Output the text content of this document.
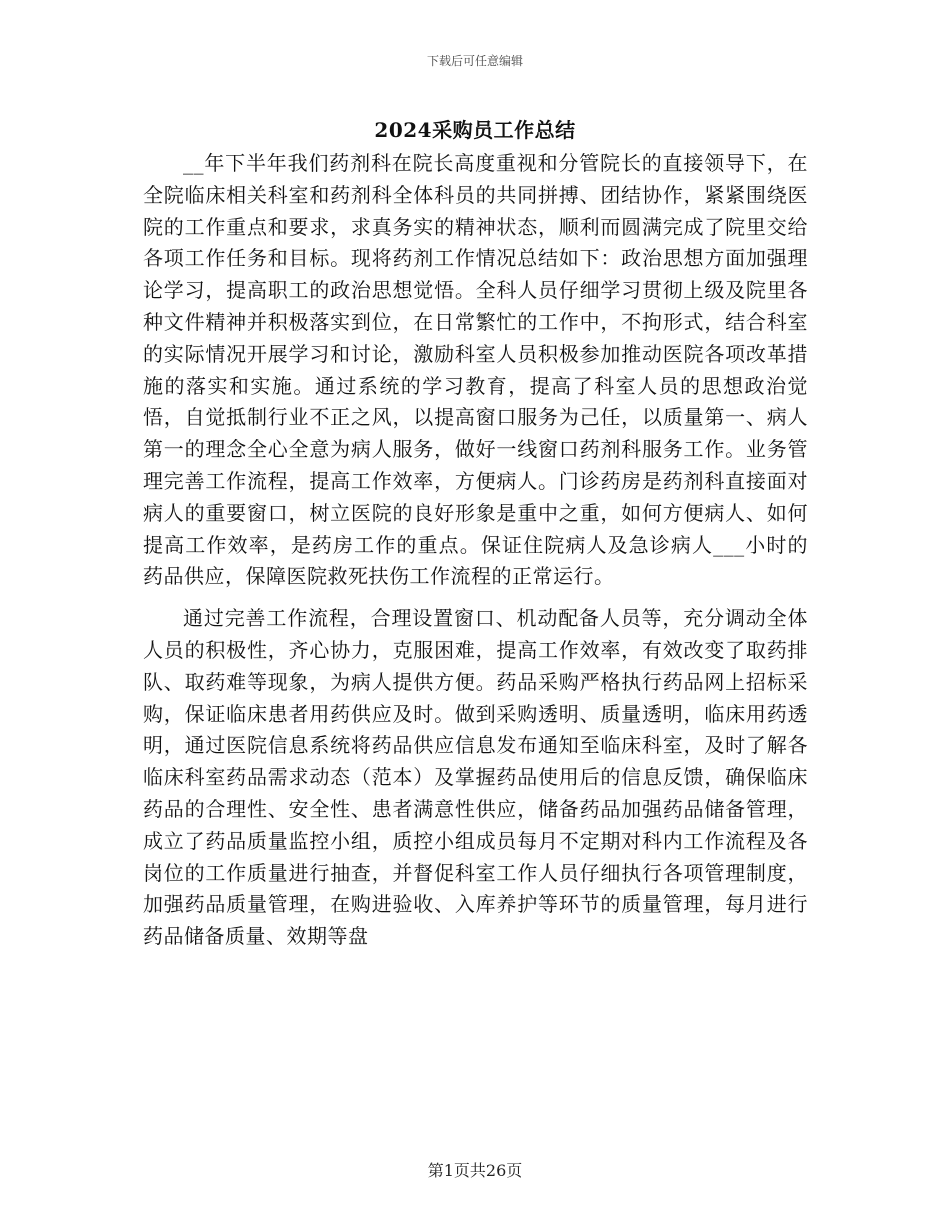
下载后可任意编辑
2024采购员工作总结

__年下半年我们药剂科在院长高度重视和分管院长的直接领导下，在全院临床相关科室和药剂科全体科员的共同拼搏、团结协作，紧紧围绕医院的工作重点和要求，求真务实的精神状态，顺利而圆满完成了院里交给各项工作任务和目标。现将药剂工作情况总结如下：政治思想方面加强理论学习，提高职工的政治思想觉悟。全科人员仔细学习贯彻上级及院里各种文件精神并积极落实到位，在日常繁忙的工作中，不拘形式，结合科室的实际情况开展学习和讨论，激励科室人员积极参加推动医院各项改革措施的落实和实施。通过系统的学习教育，提高了科室人员的思想政治觉悟，自觉抵制行业不正之风，以提高窗口服务为己任，以质量第一、病人第一的理念全心全意为病人服务，做好一线窗口药剂科服务工作。业务管理完善工作流程，提高工作效率，方便病人。门诊药房是药剂科直接面对病人的重要窗口，树立医院的良好形象是重中之重，如何方便病人、如何提高工作效率，是药房工作的重点。保证住院病人及急诊病人___小时的药品供应，保障医院救死扶伤工作流程的正常运行。

通过完善工作流程，合理设置窗口、机动配备人员等，充分调动全体人员的积极性，齐心协力，克服困难，提高工作效率，有效改变了取药排队、取药难等现象，为病人提供方便。药品采购严格执行药品网上招标采购，保证临床患者用药供应及时。做到采购透明、质量透明，临床用药透明，通过医院信息系统将药品供应信息发布通知至临床科室，及时了解各临床科室药品需求动态（范本）及掌握药品使用后的信息反馈，确保临床药品的合理性、安全性、患者满意性供应，储备药品加强药品储备管理，成立了药品质量监控小组，质控小组成员每月不定期对科内工作流程及各岗位的工作质量进行抽查，并督促科室工作人员仔细执行各项管理制度，加强药品质量管理，在购进验收、入库养护等环节的质量管理，每月进行药品储备质量、效期等盘

第1页共26页
